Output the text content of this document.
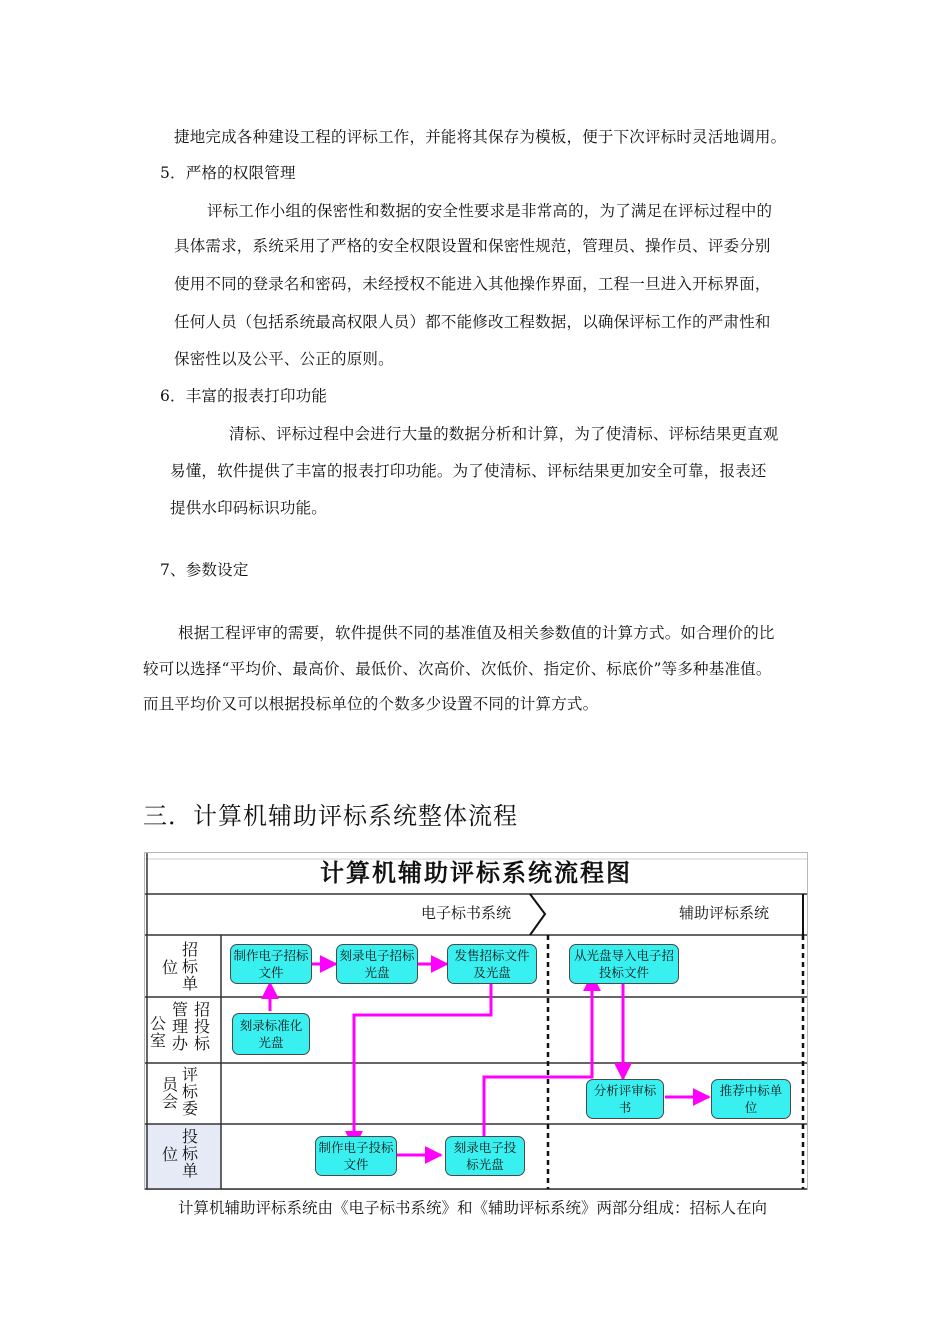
捷地完成各种建设工程的评标工作，并能将其保存为模板，便于下次评标时灵活地调用。
5．严格的权限管理
评标工作小组的保密性和数据的安全性要求是非常高的，为了满足在评标过程中的
具体需求，系统采用了严格的安全权限设置和保密性规范，管理员、操作员、评委分别
使用不同的登录名和密码，未经授权不能进入其他操作界面，工程一旦进入开标界面，
任何人员（包括系统最高权限人员）都不能修改工程数据，以确保评标工作的严肃性和
保密性以及公平、公正的原则。
6．丰富的报表打印功能
清标、评标过程中会进行大量的数据分析和计算，为了使清标、评标结果更直观
易懂，软件提供了丰富的报表打印功能。为了使清标、评标结果更加安全可靠，报表还
提供水印码标识功能。
7、参数设定
根据工程评审的需要，软件提供不同的基准值及相关参数值的计算方式。如合理价的比
较可以选择“平均价、最高价、最低价、次高价、次低价、指定价、标底价”等多种基准值。
而且平均价又可以根据投标单位的个数多少设置不同的计算方式。
三．计算机辅助评标系统整体流程
计算机辅助评标系统流程图
电子标书系统	辅助评标系统
位
招标单
公室
管理办
招投标
员会
评标委
位
投标单
制作电子招标文件
刻录电子招标光盘
发售招标文件及光盘
从光盘导入电子招投标文件
刻录标准化光盘
分析评审标书
推荐中标单位
制作电子投标文件
刻录电子投标光盘
计算机辅助评标系统由《电子标书系统》和《辅助评标系统》两部分组成：招标人在向
